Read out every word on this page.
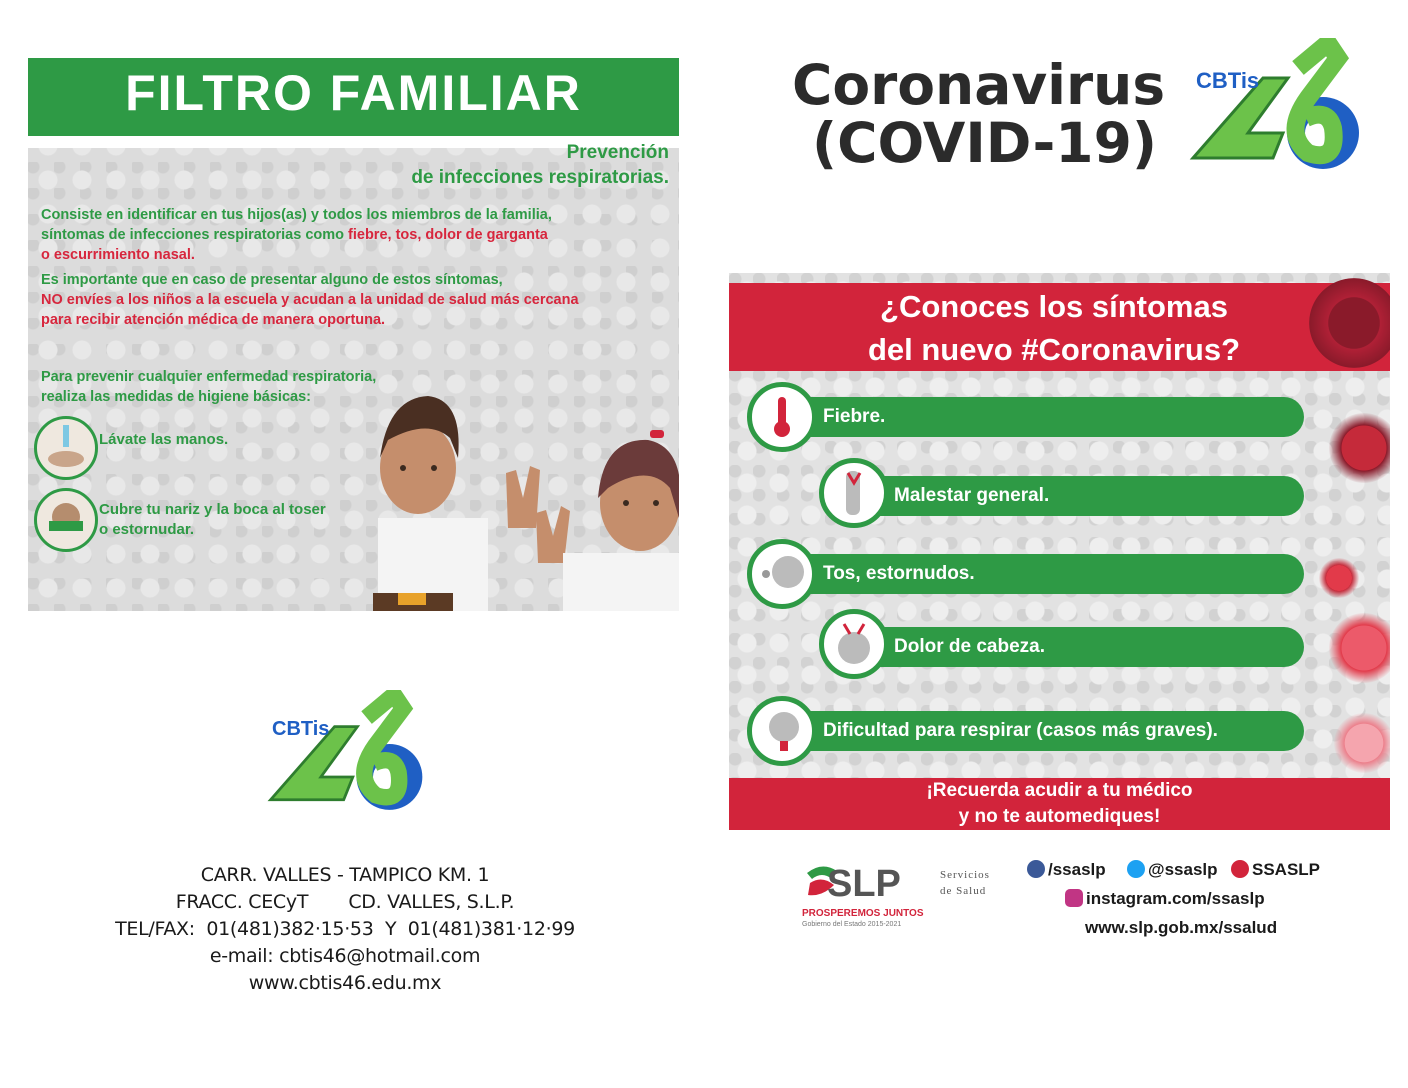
FILTRO FAMILIAR
Prevención
de infecciones respiratorias.
Consiste en identificar en tus hijos(as) y todos los miembros de la familia,
síntomas de infecciones respiratorias como fiebre, tos, dolor de garganta
o escurrimiento nasal.
Es importante que en caso de presentar alguno de estos síntomas,
NO envíes a los niños a la escuela y acudan a la unidad de salud más cercana
para recibir atención médica de manera oportuna.
Para prevenir cualquier enfermedad respiratoria,
realiza las medidas de higiene básicas:
Lávate las manos.
Cubre tu nariz y la boca al toser
o estornudar.
Coronavirus
(COVID-19)
CBTis
¿Conoces los síntomas
del nuevo #Coronavirus?
Fiebre.
Malestar general.
Tos, estornudos.
Dolor de cabeza.
Dificultad para respirar (casos más graves).
¡Recuerda acudir a tu médico
y no te automediques!
CBTis
CARR. VALLES - TAMPICO KM. 1
FRACC. CECyT       CD. VALLES, S.L.P.
TEL/FAX:  01(481)382·15·53  Y  01(481)381·12·99
e-mail: cbtis46@hotmail.com
www.cbtis46.edu.mx
SLP
PROSPEREMOS JUNTOS
Gobierno del Estado 2015-2021
Servicios
de Salud
/ssaslp	@ssaslp	SSASLP
instagram.com/ssaslp
www.slp.gob.mx/ssalud
